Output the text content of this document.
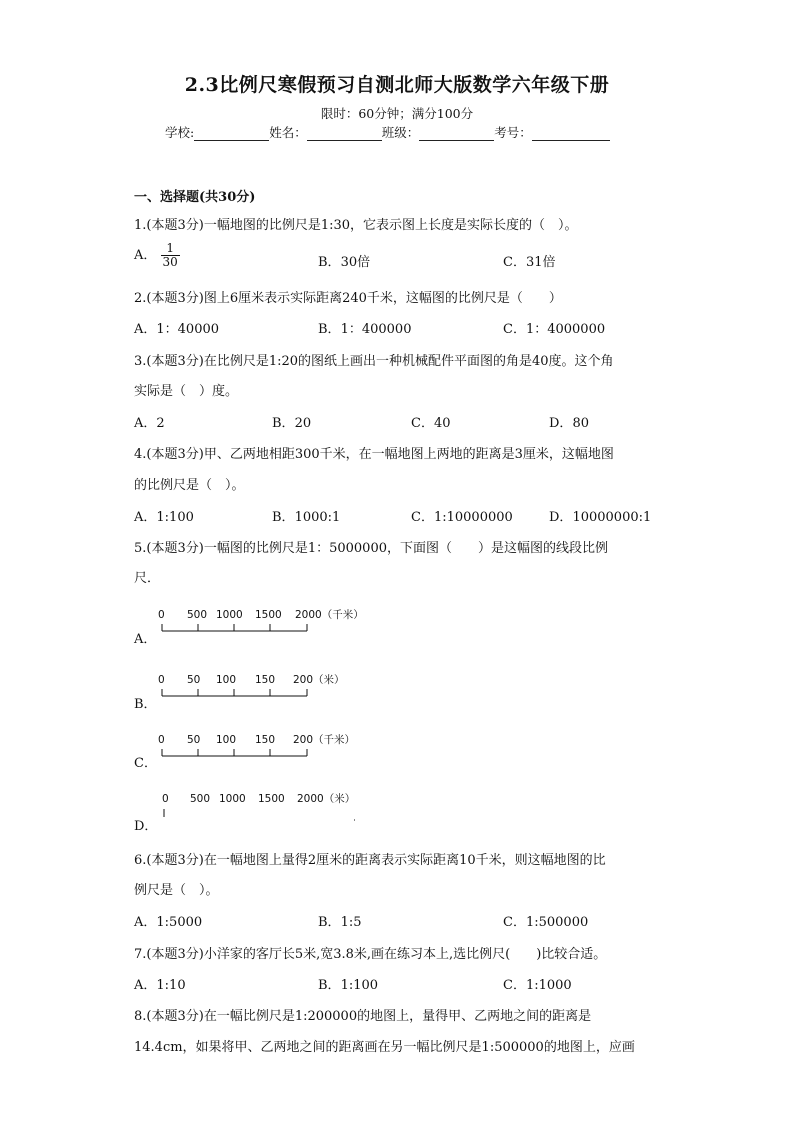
2.3比例尺寒假预习自测北师大版数学六年级下册
限时：60分钟；满分100分
学校:	姓名：	班级：	考号：
一、选择题(共30分)
1.(本题3分)一幅地图的比例尺是1:30，它表示图上长度是实际长度的（　）。
A． $\frac{1}{30}$	B．30倍	C．31倍
2.(本题3分)图上6厘米表示实际距离240千米，这幅图的比例尺是（　　）
A．1：40000	B．1：400000	C．1：4000000
3.(本题3分)在比例尺是1:20的图纸上画出一种机械配件平面图的角是40度。这个角
实际是（　）度。
A．2	B．20	C．40	D．80
4.(本题3分)甲、乙两地相距300千米，在一幅地图上两地的距离是3厘米，这幅地图
的比例尺是（　）。
A．1:100	B．1000:1	C．1:10000000	D．10000000:1
5.(本题3分)一幅图的比例尺是1：5000000，下面图（　　）是这幅图的线段比例
尺．
A．
0 500 1000 1500 2000（千米）
B．
0 50 100 150 200（米）
C．
0 50 100 150 200（千米）
D．
0 500 1000 1500 2000（米）
6.(本题3分)在一幅地图上量得2厘米的距离表示实际距离10千米，则这幅地图的比
例尺是（　）。
A．1:5000	B．1:5	C．1:500000
7.(本题3分)小洋家的客厅长5米,宽3.8米,画在练习本上,选比例尺(　　)比较合适。
A．1:10	B．1:100	C．1:1000
8.(本题3分)在一幅比例尺是1:200000的地图上，量得甲、乙两地之间的距离是
14.4cm，如果将甲、乙两地之间的距离画在另一幅比例尺是1:500000的地图上，应画
